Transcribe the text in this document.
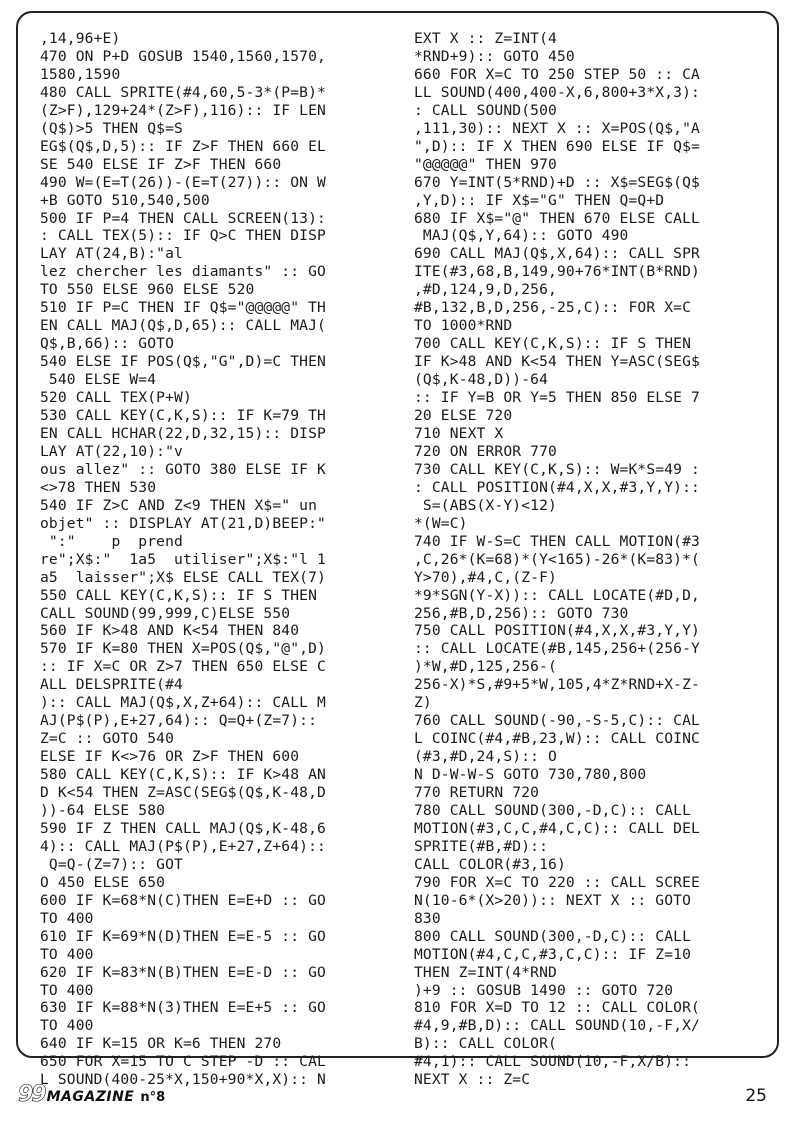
,14,96+E)
470 ON P+D GOSUB 1540,1560,1570,
1580,1590
480 CALL SPRITE(#4,60,5-3*(P=B)*
(Z>F),129+24*(Z>F),116):: IF LEN
(Q$)>5 THEN Q$=S
EG$(Q$,D,5):: IF Z>F THEN 660 EL
SE 540 ELSE IF Z>F THEN 660
490 W=(E=T(26))-(E=T(27)):: ON W
+B GOTO 510,540,500
500 IF P=4 THEN CALL SCREEN(13):
: CALL TEX(5):: IF Q>C THEN DISP
LAY AT(24,B):"al
lez chercher les diamants" :: GO
TO 550 ELSE 960 ELSE 520
510 IF P=C THEN IF Q$="@@@@@" TH
EN CALL MAJ(Q$,D,65):: CALL MAJ(
Q$,B,66):: GOTO
540 ELSE IF POS(Q$,"G",D)=C THEN
540 ELSE W=4
520 CALL TEX(P+W)
530 CALL KEY(C,K,S):: IF K=79 TH
EN CALL HCHAR(22,D,32,15):: DISP
LAY AT(22,10):"v
ous allez" :: GOTO 380 ELSE IF K
<>78 THEN 530
540 IF Z>C AND Z<9 THEN X$=" un
objet" :: DISPLAY AT(21,D)BEEP:"
":"    p  prend
re";X$:"  1a5  utiliser";X$:"l 1
a5  laisser";X$ ELSE CALL TEX(7)
550 CALL KEY(C,K,S):: IF S THEN
CALL SOUND(99,999,C)ELSE 550
560 IF K>48 AND K<54 THEN 840
570 IF K=80 THEN X=POS(Q$,"@",D)
:: IF X=C OR Z>7 THEN 650 ELSE C
ALL DELSPRITE(#4
):: CALL MAJ(Q$,X,Z+64):: CALL M
AJ(P$(P),E+27,64):: Q=Q+(Z=7)::
Z=C :: GOTO 540
ELSE IF K<>76 OR Z>F THEN 600
580 CALL KEY(C,K,S):: IF K>48 AN
D K<54 THEN Z=ASC(SEG$(Q$,K-48,D
))-64 ELSE 580
590 IF Z THEN CALL MAJ(Q$,K-48,6
4):: CALL MAJ(P$(P),E+27,Z+64)::
Q=Q-(Z=7):: GOT
O 450 ELSE 650
600 IF K=68*N(C)THEN E=E+D :: GO
TO 400
610 IF K=69*N(D)THEN E=E-5 :: GO
TO 400
620 IF K=83*N(B)THEN E=E-D :: GO
TO 400
630 IF K=88*N(3)THEN E=E+5 :: GO
TO 400
640 IF K=15 OR K=6 THEN 270
650 FOR X=15 TO C STEP -D :: CAL
L SOUND(400-25*X,150+90*X,X):: N
EXT X :: Z=INT(4
*RND+9):: GOTO 450
660 FOR X=C TO 250 STEP 50 :: CA
LL SOUND(400,400-X,6,800+3*X,3):
: CALL SOUND(500
,111,30):: NEXT X :: X=POS(Q$,"A
",D):: IF X THEN 690 ELSE IF Q$=
"@@@@@" THEN 970
670 Y=INT(5*RND)+D :: X$=SEG$(Q$
,Y,D):: IF X$="G" THEN Q=Q+D
680 IF X$="@" THEN 670 ELSE CALL
MAJ(Q$,Y,64):: GOTO 490
690 CALL MAJ(Q$,X,64):: CALL SPR
ITE(#3,68,B,149,90+76*INT(B*RND)
,#D,124,9,D,256,
#B,132,B,D,256,-25,C):: FOR X=C
TO 1000*RND
700 CALL KEY(C,K,S):: IF S THEN
IF K>48 AND K<54 THEN Y=ASC(SEG$
(Q$,K-48,D))-64
:: IF Y=B OR Y=5 THEN 850 ELSE 7
20 ELSE 720
710 NEXT X
720 ON ERROR 770
730 CALL KEY(C,K,S):: W=K*S=49 :
: CALL POSITION(#4,X,X,#3,Y,Y)::
S=(ABS(X-Y)<12)
*(W=C)
740 IF W-S=C THEN CALL MOTION(#3
,C,26*(K=68)*(Y<165)-26*(K=83)*(
Y>70),#4,C,(Z-F)
*9*SGN(Y-X)):: CALL LOCATE(#D,D,
256,#B,D,256):: GOTO 730
750 CALL POSITION(#4,X,X,#3,Y,Y)
:: CALL LOCATE(#B,145,256+(256-Y
)*W,#D,125,256-(
256-X)*S,#9+5*W,105,4*Z*RND+X-Z-
Z)
760 CALL SOUND(-90,-S-5,C):: CAL
L COINC(#4,#B,23,W):: CALL COINC
(#3,#D,24,S):: O
N D-W-W-S GOTO 730,780,800
770 RETURN 720
780 CALL SOUND(300,-D,C):: CALL
MOTION(#3,C,C,#4,C,C):: CALL DEL
SPRITE(#B,#D)::
CALL COLOR(#3,16)
790 FOR X=C TO 220 :: CALL SCREE
N(10-6*(X>20)):: NEXT X :: GOTO
830
800 CALL SOUND(300,-D,C):: CALL
MOTION(#4,C,C,#3,C,C):: IF Z=10
THEN Z=INT(4*RND
)+9 :: GOSUB 1490 :: GOTO 720
810 FOR X=D TO 12 :: CALL COLOR(
#4,9,#B,D):: CALL SOUND(10,-F,X/
B):: CALL COLOR(
#4,1):: CALL SOUND(10,-F,X/B)::
NEXT X :: Z=C
99 MAGAZINE n°8	25
